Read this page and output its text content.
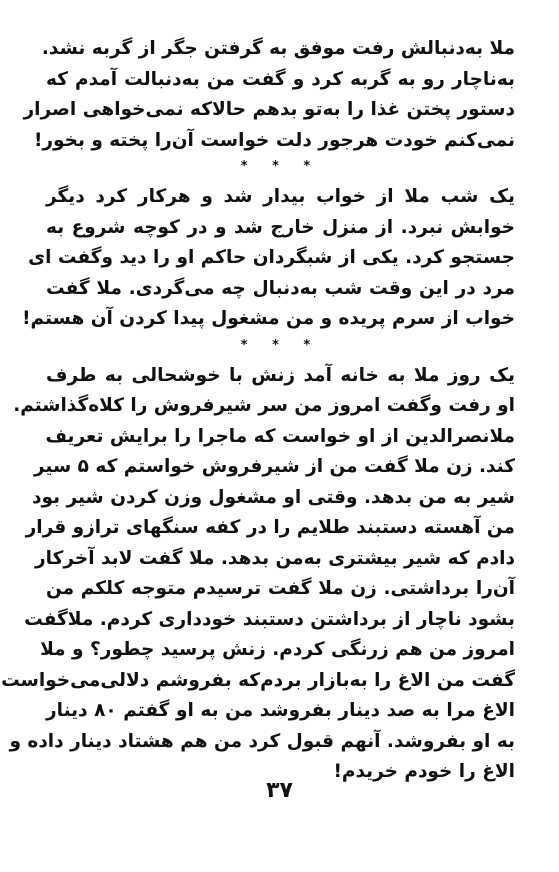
ملا به‌دنبالش رفت موفق به گرفتن جگر از گربه نشد.
به‌ناچار رو به گربه کرد و گفت من به‌دنبالت آمدم که
دستور پختن غذا را به‌تو بدهم حالاکه نمی‌خواهی اصرار
نمی‌کنم خودت هرجور دلت خواست آن‌را پخته و بخور!
* * *
یک شب ملا از خواب بیدار شد و هرکار کرد دیگر
خوابش نبرد. از منزل خارج شد و در کوچه شروع به
جستجو کرد. یکی از شبگردان حاکم او را دید وگفت ای
مرد در این وقت شب به‌دنبال چه می‌گردی. ملا گفت
خواب از سرم پریده و من مشغول پیدا کردن آن هستم!
* * *
یک روز ملا به خانه آمد زنش با خوشحالی به طرف
او رفت وگفت امروز من سر شیرفروش را کلاه‌گذاشتم.
ملانصرالدین از او خواست که ماجرا را برایش تعریف
کند. زن ملا گفت من از شیرفروش خواستم که ۵ سیر
شیر به من بدهد. وقتی او مشغول وزن کردن شیر بود
من آهسته دستبند طلایم را در کفه سنگهای ترازو قرار
دادم که شیر بیشتری به‌من بدهد. ملا گفت لابد آخرکار
آن‌را برداشتی. زن ملا گفت ترسیدم متوجه کلکم من
بشود ناچار از برداشتن دستبند خودداری کردم. ملاگفت
امروز من هم زرنگی کردم. زنش پرسید چطور؟ و ملا
گفت من الاغ را به‌بازار بردم‌که بفروشم دلالی‌می‌خواست
الاغ مرا به صد دینار بفروشد من به او گفتم ۸۰ دینار
به او بفروشد. آنهم قبول کرد من هم هشتاد دینار داده و
الاغ را خودم خریدم!
۳۷
